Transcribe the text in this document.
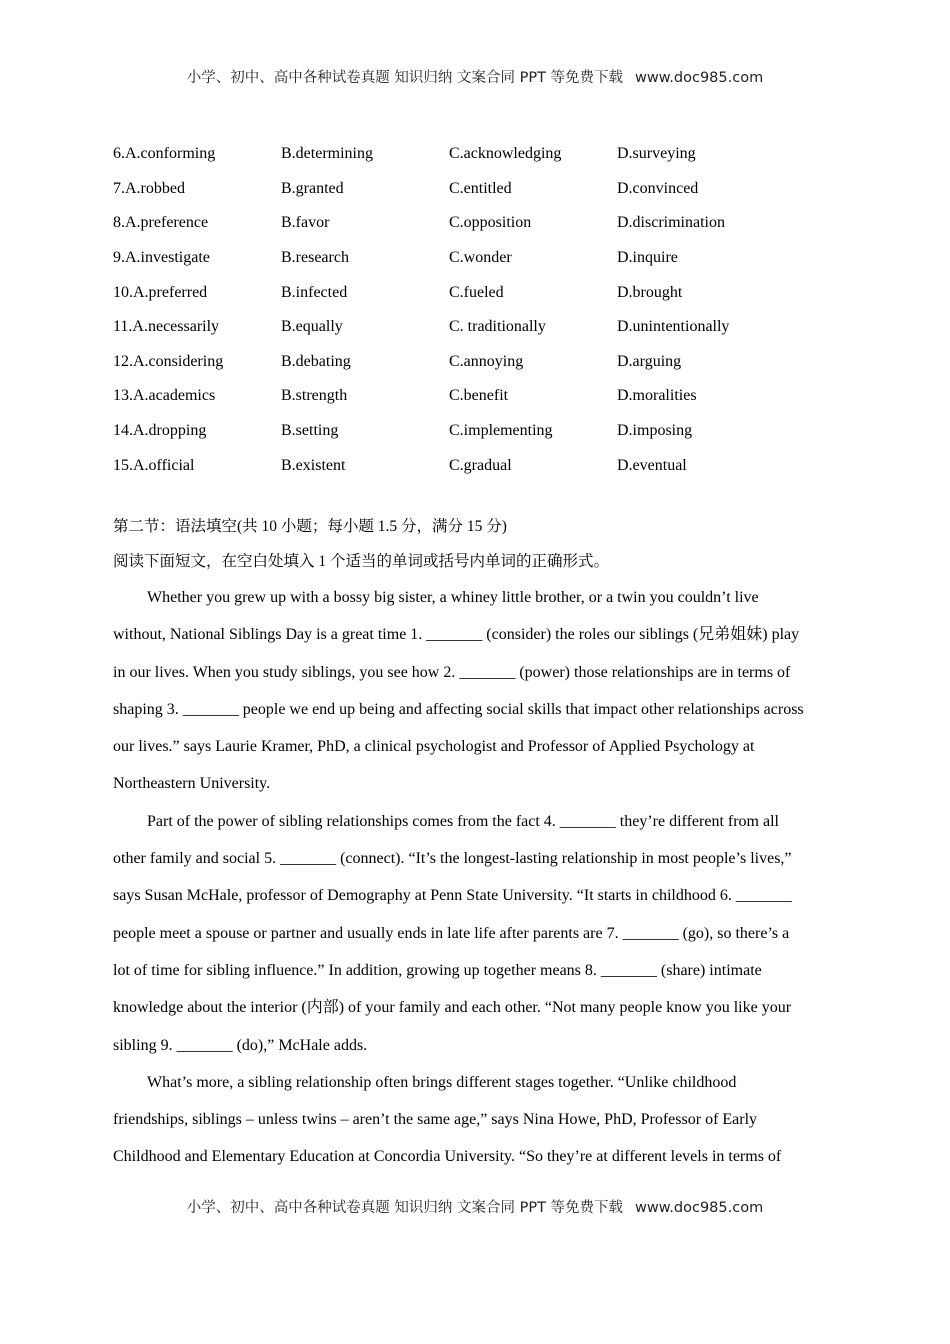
小学、初中、高中各种试卷真题 知识归纳 文案合同 PPT 等免费下载 www.doc985.com
6.A.conforming	B.determining	C.acknowledging	D.surveying
7.A.robbed	B.granted	C.entitled	D.convinced
8.A.preference	B.favor	C.opposition	D.discrimination
9.A.investigate	B.research	C.wonder	D.inquire
10.A.preferred	B.infected	C.fueled	D.brought
11.A.necessarily	B.equally	C. traditionally	D.unintentionally
12.A.considering	B.debating	C.annoying	D.arguing
13.A.academics	B.strength	C.benefit	D.moralities
14.A.dropping	B.setting	C.implementing	D.imposing
15.A.official	B.existent	C.gradual	D.eventual
第二节：语法填空(共 10 小题；每小题 1.5 分，满分 15 分)
阅读下面短文，在空白处填入 1 个适当的单词或括号内单词的正确形式。
Whether you grew up with a bossy big sister, a whiney little brother, or a twin you couldn’t live
without, National Siblings Day is a great time 1. _______ (consider) the roles our siblings (兄弟姐妹) play
in our lives. When you study siblings, you see how 2. _______ (power) those relationships are in terms of
shaping 3. _______ people we end up being and affecting social skills that impact other relationships across
our lives.” says Laurie Kramer, PhD, a clinical psychologist and Professor of Applied Psychology at
Northeastern University.
Part of the power of sibling relationships comes from the fact 4. _______ they’re different from all
other family and social 5. _______ (connect). “It’s the longest-lasting relationship in most people’s lives,”
says Susan McHale, professor of Demography at Penn State University. “It starts in childhood 6. _______
people meet a spouse or partner and usually ends in late life after parents are 7. _______ (go), so there’s a
lot of time for sibling influence.” In addition, growing up together means 8. _______ (share) intimate
knowledge about the interior (内部) of your family and each other. “Not many people know you like your
sibling 9. _______ (do),” McHale adds.
What’s more, a sibling relationship often brings different stages together. “Unlike childhood
friendships, siblings – unless twins – aren’t the same age,” says Nina Howe, PhD, Professor of Early
Childhood and Elementary Education at Concordia University. “So they’re at different levels in terms of
小学、初中、高中各种试卷真题 知识归纳 文案合同 PPT 等免费下载 www.doc985.com
